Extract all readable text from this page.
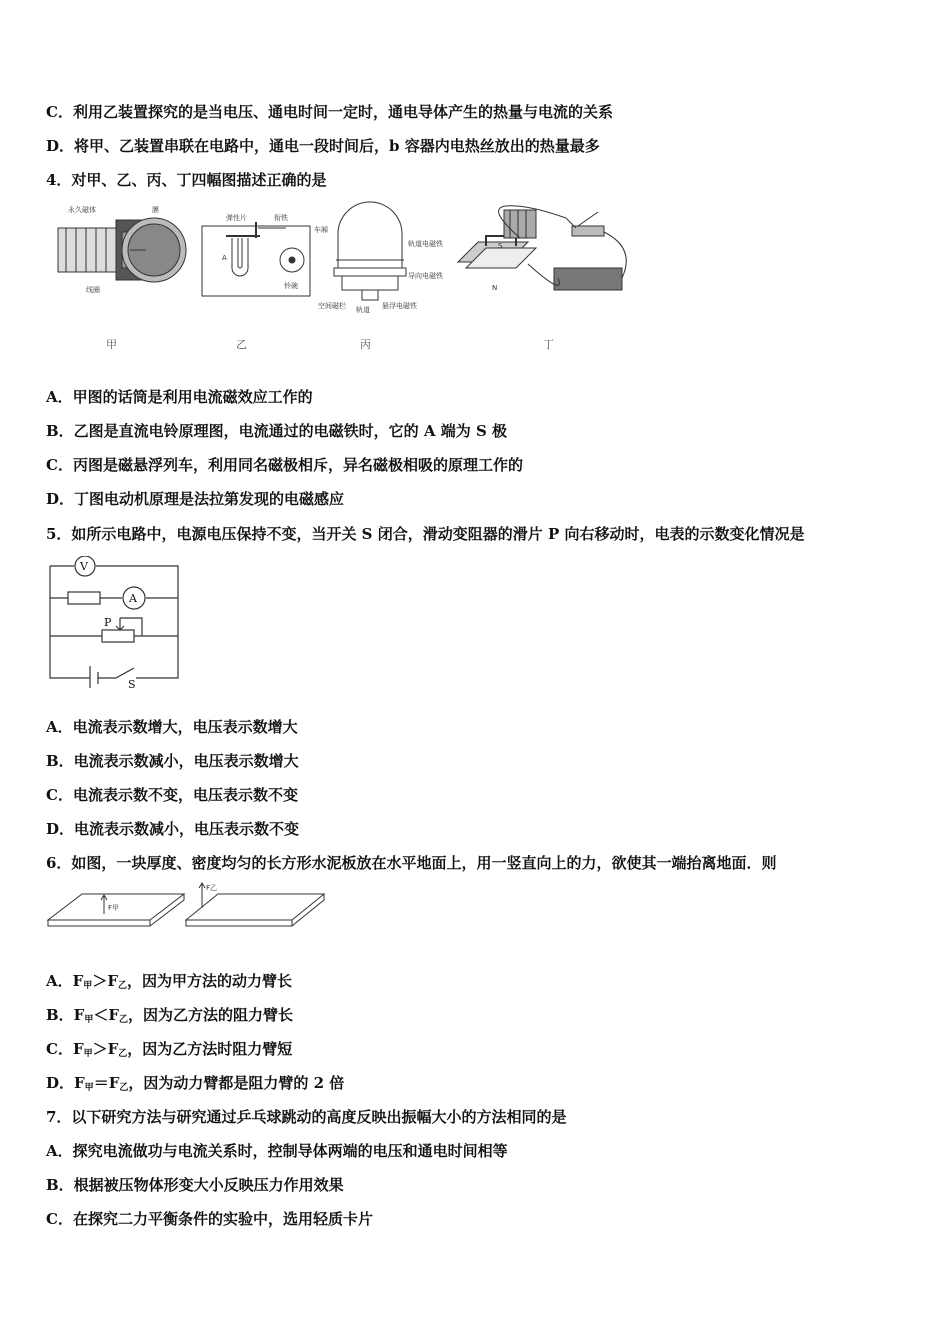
C．利用乙装置探究的是当电压、通电时间一定时，通电导体产生的热量与电流的关系
D．将甲、乙装置串联在电路中，通电一段时间后，b 容器内电热丝放出的热量最多
4．对甲、乙、丙、丁四幅图描述正确的是
永久磁体	膜
线圈
弹性片	衔铁
铃碗
A
车厢
轨道电磁铁
导向电磁铁
空间磁栏 轨道 悬浮电磁铁
S
N
甲	乙	丙	丁
A．甲图的话筒是利用电流磁效应工作的
B．乙图是直流电铃原理图，电流通过的电磁铁时，它的 A 端为 S 极
C．丙图是磁悬浮列车，利用同名磁极相斥，异名磁极相吸的原理工作的
D．丁图电动机原理是法拉第发现的电磁感应
5．如所示电路中，电源电压保持不变，当开关 S 闭合，滑动变阻器的滑片 P 向右移动时，电表的示数变化情况是
V
A
P
S
A．电流表示数增大，电压表示数增大
B．电流表示数减小，电压表示数增大
C．电流表示数不变，电压表示数不变
D．电流表示数减小，电压表示数不变
6．如图，一块厚度、密度均匀的长方形水泥板放在水平地面上，用一竖直向上的力，欲使其一端抬离地面．则
F甲
F乙
A．$F_甲>F_乙$，因为甲方法的动力臂长
B．$F_甲<F_乙$，因为乙方法的阻力臂长
C．$F_甲>F_乙$，因为乙方法时阻力臂短
D．$F_甲=F_乙$，因为动力臂都是阻力臂的 2 倍
7．以下研究方法与研究通过乒乓球跳动的高度反映出振幅大小的方法相同的是
A．探究电流做功与电流关系时，控制导体两端的电压和通电时间相等
B．根据被压物体形变大小反映压力作用效果
C．在探究二力平衡条件的实验中，选用轻质卡片
